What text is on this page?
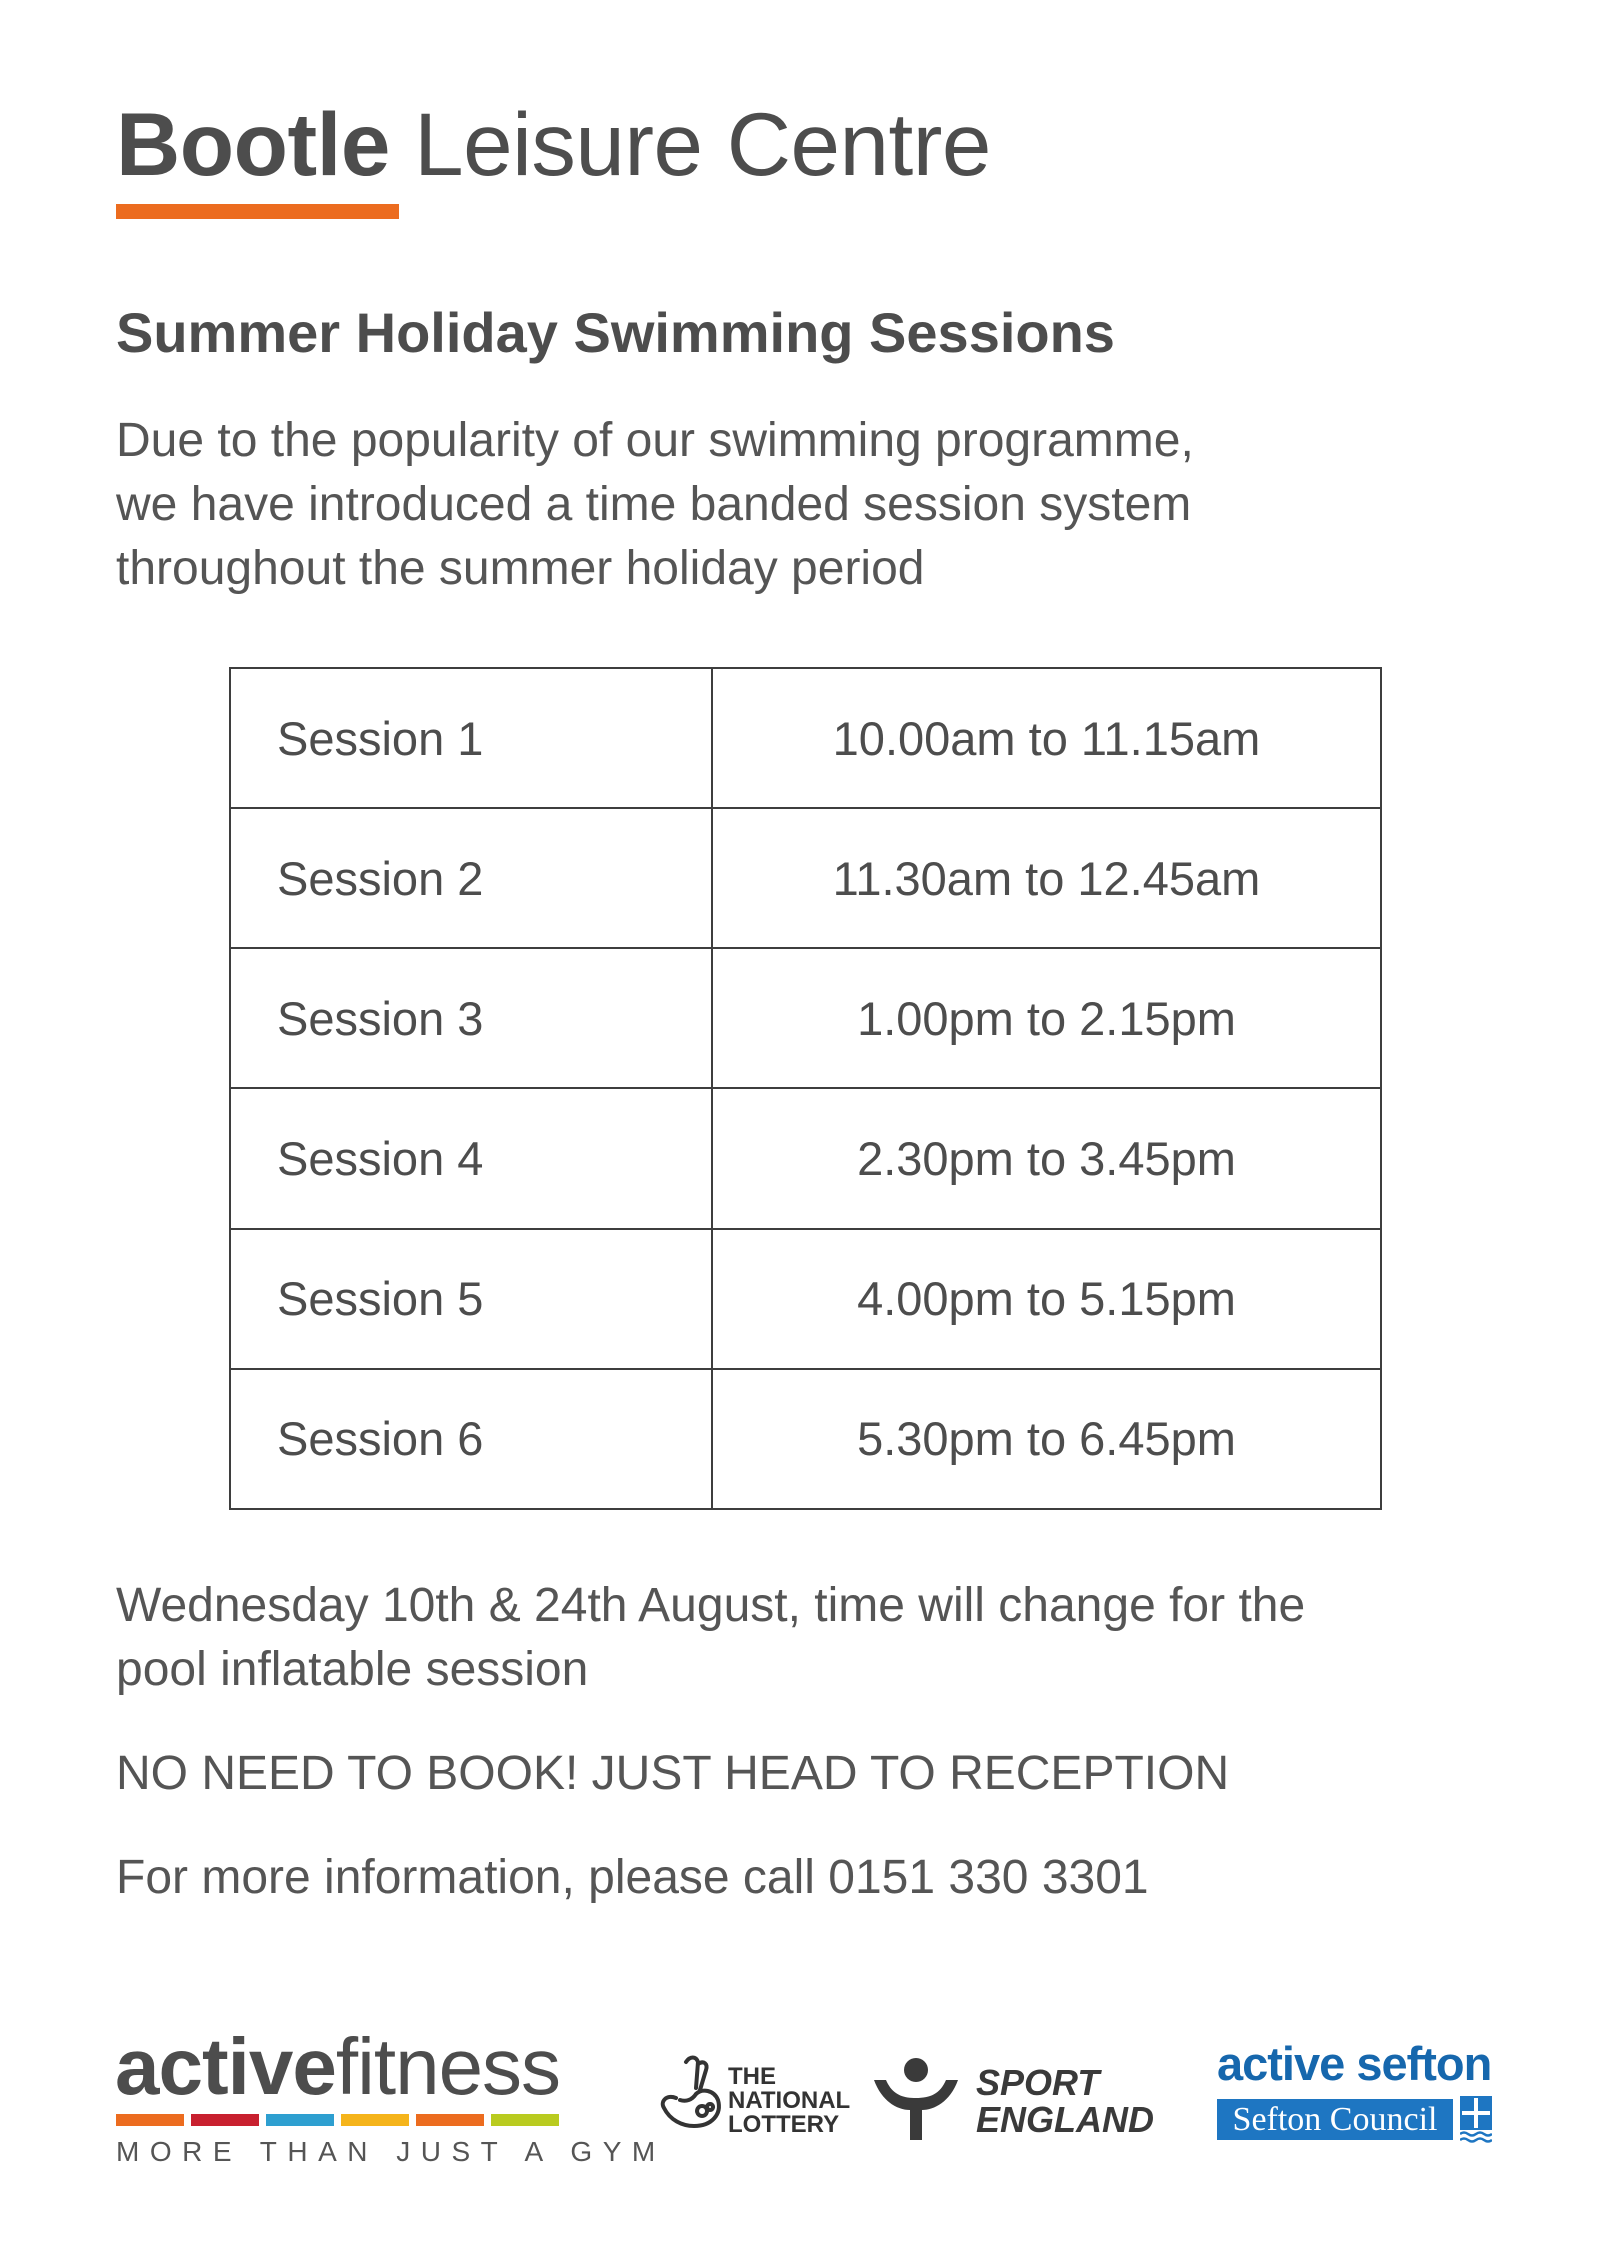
Bootle Leisure Centre
Summer Holiday Swimming Sessions
Due to the popularity of our swimming programme,
we have introduced a time banded session system
throughout the summer holiday period
Session 1	10.00am to 11.15am
Session 2	11.30am to 12.45am
Session 3	1.00pm to 2.15pm
Session 4	2.30pm to 3.45pm
Session 5	4.00pm to 5.15pm
Session 6	5.30pm to 6.45pm
Wednesday 10th & 24th August, time will change for the
pool inflatable session
NO NEED TO BOOK! JUST HEAD TO RECEPTION
For more information, please call 0151 330 3301
activefitness
MORE THAN JUST A GYM
THE
NATIONAL
LOTTERY
SPORT
ENGLAND
active sefton
Sefton Council
